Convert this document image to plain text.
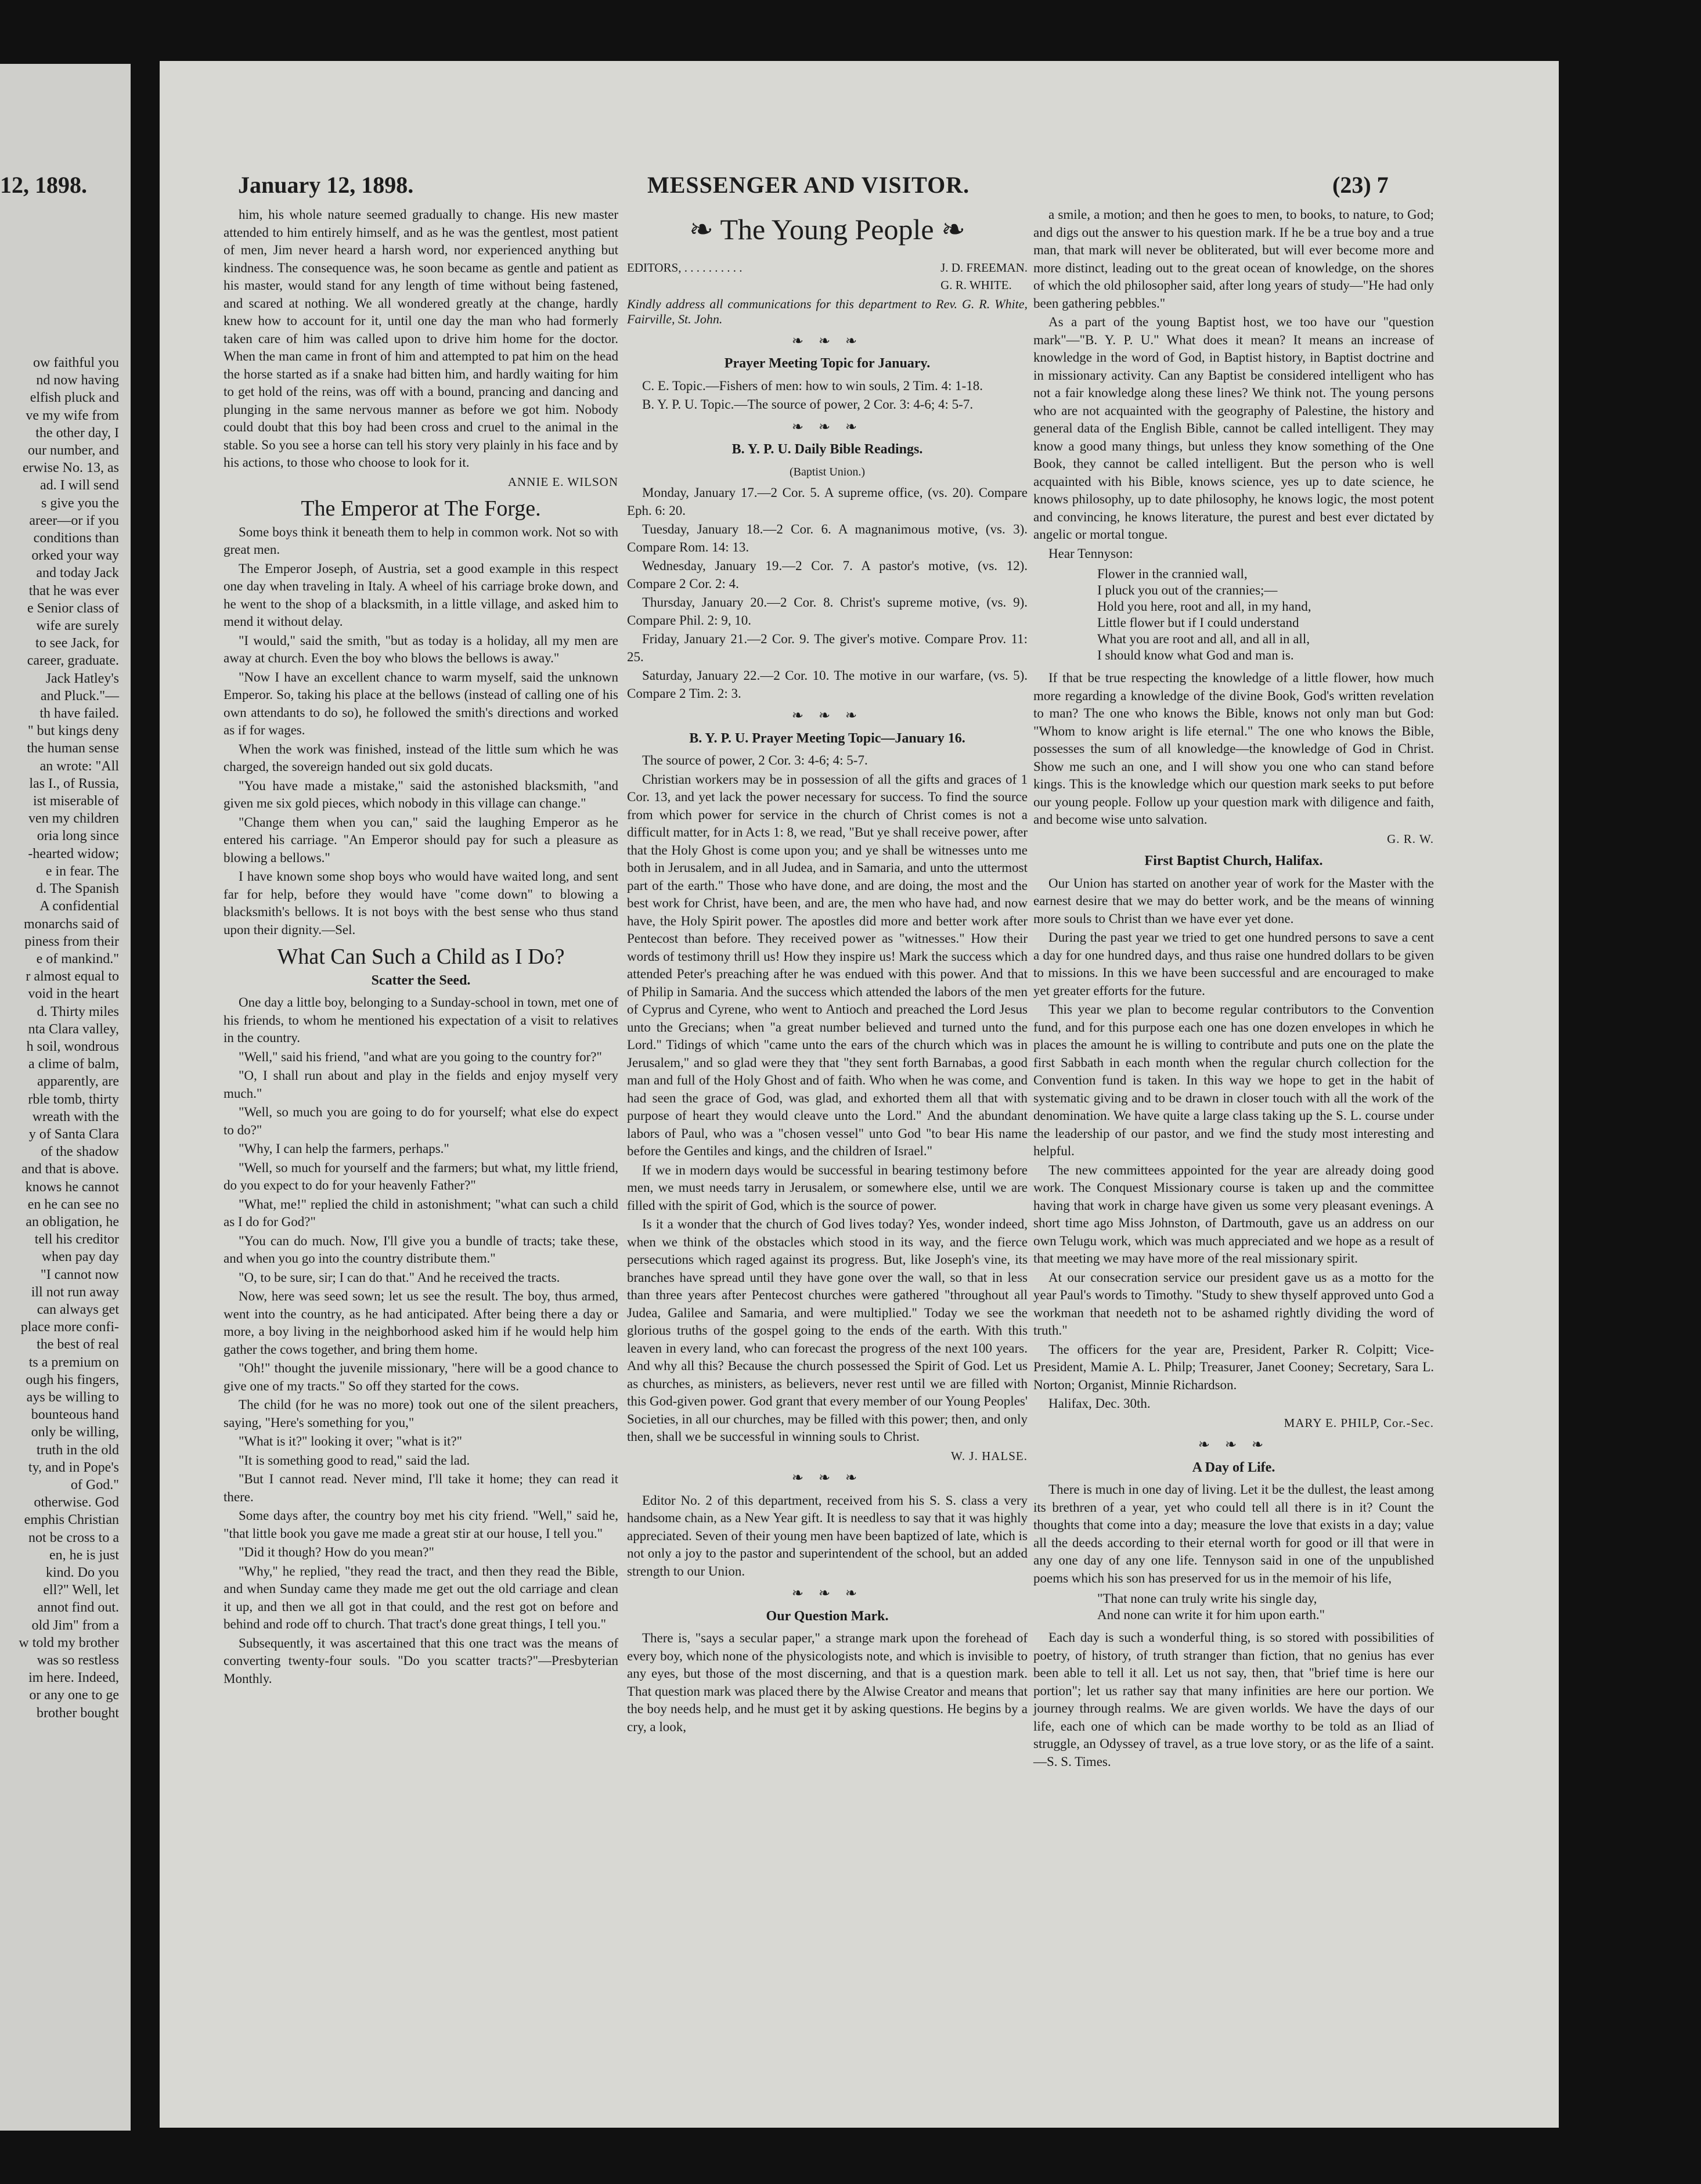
12, 1898.
ow faithful you
nd now having
elfish pluck and
ve my wife from
the other day, I
our number, and
erwise No. 13, as
ad. I will send
s give you the
areer—or if you
conditions than
orked your way
and today Jack
that he was ever
e Senior class of
wife are surely
to see Jack, for
career, graduate.
Jack Hatley's
and Pluck."—
th have failed.
" but kings deny
the human sense
an wrote: "All
las I., of Russia,
ist miserable of
ven my children
oria long since
-hearted widow;
e in fear. The
d. The Spanish
A confidential
monarchs said of
piness from their
e of mankind."
r almost equal to
void in the heart
d. Thirty miles
nta Clara valley,
h soil, wondrous
a clime of balm,
apparently, are
rble tomb, thirty
wreath with the
y of Santa Clara
of the shadow
and that is above.
knows he cannot
en he can see no
an obligation, he
tell his creditor
when pay day
"I cannot now
ill not run away
can always get
place more confi-
the best of real
ts a premium on
ough his fingers,
ays be willing to
bounteous hand
only be willing,
truth in the old
ty, and in Pope's
of God."
otherwise. God
emphis Christian
not be cross to a
en, he is just
kind. Do you
ell?" Well, let
annot find out.
old Jim" from a
w told my brother
was so restless
im here. Indeed,
or any one to ge
brother bought
January 12, 1898.	MESSENGER AND VISITOR.	(23) 7

him, his whole nature seemed gradually to change. His new master attended to him entirely himself, and as he was the gentlest, most patient of men, Jim never heard a harsh word, nor experienced anything but kindness. The consequence was, he soon became as gentle and patient as his master, would stand for any length of time without being fastened, and scared at nothing. We all wondered greatly at the change, hardly knew how to account for it, until one day the man who had formerly taken care of him was called upon to drive him home for the doctor. When the man came in front of him and attempted to pat him on the head the horse started as if a snake had bitten him, and hardly waiting for him to get hold of the reins, was off with a bound, prancing and dancing and plunging in the same nervous manner as before we got him. Nobody could doubt that this boy had been cross and cruel to the animal in the stable. So you see a horse can tell his story very plainly in his face and by his actions, to those who choose to look for it.

ANNIE E. WILSON
The Emperor at The Forge.

Some boys think it beneath them to help in common work. Not so with great men.

The Emperor Joseph, of Austria, set a good example in this respect one day when traveling in Italy. A wheel of his carriage broke down, and he went to the shop of a blacksmith, in a little village, and asked him to mend it without delay.

"I would," said the smith, "but as today is a holiday, all my men are away at church. Even the boy who blows the bellows is away."

"Now I have an excellent chance to warm myself, said the unknown Emperor. So, taking his place at the bellows (instead of calling one of his own attendants to do so), he followed the smith's directions and worked as if for wages.

When the work was finished, instead of the little sum which he was charged, the sovereign handed out six gold ducats.

"You have made a mistake," said the astonished blacksmith, "and given me six gold pieces, which nobody in this village can change."

"Change them when you can," said the laughing Emperor as he entered his carriage. "An Emperor should pay for such a pleasure as blowing a bellows."

I have known some shop boys who would have waited long, and sent far for help, before they would have "come down" to blowing a blacksmith's bellows. It is not boys with the best sense who thus stand upon their dignity.—Sel.

What Can Such a Child as I Do?
Scatter the Seed.

One day a little boy, belonging to a Sunday-school in town, met one of his friends, to whom he mentioned his expectation of a visit to relatives in the country.

"Well," said his friend, "and what are you going to the country for?"

"O, I shall run about and play in the fields and enjoy myself very much."

"Well, so much you are going to do for yourself; what else do expect to do?"

"Why, I can help the farmers, perhaps."

"Well, so much for yourself and the farmers; but what, my little friend, do you expect to do for your heavenly Father?"

"What, me!" replied the child in astonishment; "what can such a child as I do for God?"

"You can do much. Now, I'll give you a bundle of tracts; take these, and when you go into the country distribute them."

"O, to be sure, sir; I can do that." And he received the tracts.

Now, here was seed sown; let us see the result. The boy, thus armed, went into the country, as he had anticipated. After being there a day or more, a boy living in the neighborhood asked him if he would help him gather the cows together, and bring them home.

"Oh!" thought the juvenile missionary, "here will be a good chance to give one of my tracts." So off they started for the cows.

The child (for he was no more) took out one of the silent preachers, saying, "Here's something for you,"

"What is it?" looking it over; "what is it?"

"It is something good to read," said the lad.

"But I cannot read. Never mind, I'll take it home; they can read it there.

Some days after, the country boy met his city friend. "Well," said he, "that little book you gave me made a great stir at our house, I tell you."

"Did it though? How do you mean?"

"Why," he replied, "they read the tract, and then they read the Bible, and when Sunday came they made me get out the old carriage and clean it up, and then we all got in that could, and the rest got on before and behind and rode off to church. That tract's done great things, I tell you."

Subsequently, it was ascertained that this one tract was the means of converting twenty-four souls. "Do you scatter tracts?"—Presbyterian Monthly.

❧ The Young People ❧
EDITORS, . . . . . . . . . .	J. D. FREEMAN.
G. R. WHITE.
Kindly address all communications for this department to Rev. G. R. White, Fairville, St. John.
❧ ❧ ❧
Prayer Meeting Topic for January.

C. E. Topic.—Fishers of men: how to win souls, 2 Tim. 4: 1-18.

B. Y. P. U. Topic.—The source of power, 2 Cor. 3: 4-6; 4: 5-7.

❧ ❧ ❧
B. Y. P. U. Daily Bible Readings.
(Baptist Union.)

Monday, January 17.—2 Cor. 5. A supreme office, (vs. 20). Compare Eph. 6: 20.

Tuesday, January 18.—2 Cor. 6. A magnanimous motive, (vs. 3). Compare Rom. 14: 13.

Wednesday, January 19.—2 Cor. 7. A pastor's motive, (vs. 12). Compare 2 Cor. 2: 4.

Thursday, January 20.—2 Cor. 8. Christ's supreme motive, (vs. 9). Compare Phil. 2: 9, 10.

Friday, January 21.—2 Cor. 9. The giver's motive. Compare Prov. 11: 25.

Saturday, January 22.—2 Cor. 10. The motive in our warfare, (vs. 5). Compare 2 Tim. 2: 3.

❧ ❧ ❧
B. Y. P. U. Prayer Meeting Topic—January 16.

The source of power, 2 Cor. 3: 4-6; 4: 5-7.

Christian workers may be in possession of all the gifts and graces of 1 Cor. 13, and yet lack the power necessary for success. To find the source from which power for service in the church of Christ comes is not a difficult matter, for in Acts 1: 8, we read, "But ye shall receive power, after that the Holy Ghost is come upon you; and ye shall be witnesses unto me both in Jerusalem, and in all Judea, and in Samaria, and unto the uttermost part of the earth." Those who have done, and are doing, the most and the best work for Christ, have been, and are, the men who have had, and now have, the Holy Spirit power. The apostles did more and better work after Pentecost than before. They received power as "witnesses." How their words of testimony thrill us! How they inspire us! Mark the success which attended Peter's preaching after he was endued with this power. And that of Philip in Samaria. And the success which attended the labors of the men of Cyprus and Cyrene, who went to Antioch and preached the Lord Jesus unto the Grecians; when "a great number believed and turned unto the Lord." Tidings of which "came unto the ears of the church which was in Jerusalem," and so glad were they that "they sent forth Barnabas, a good man and full of the Holy Ghost and of faith. Who when he was come, and had seen the grace of God, was glad, and exhorted them all that with purpose of heart they would cleave unto the Lord." And the abundant labors of Paul, who was a "chosen vessel" unto God "to bear His name before the Gentiles and kings, and the children of Israel."

If we in modern days would be successful in bearing testimony before men, we must needs tarry in Jerusalem, or somewhere else, until we are filled with the spirit of God, which is the source of power.

Is it a wonder that the church of God lives today? Yes, wonder indeed, when we think of the obstacles which stood in its way, and the fierce persecutions which raged against its progress. But, like Joseph's vine, its branches have spread until they have gone over the wall, so that in less than three years after Pentecost churches were gathered "throughout all Judea, Galilee and Samaria, and were multiplied." Today we see the glorious truths of the gospel going to the ends of the earth. With this leaven in every land, who can forecast the progress of the next 100 years. And why all this? Because the church possessed the Spirit of God. Let us as churches, as ministers, as believers, never rest until we are filled with this God-given power. God grant that every member of our Young Peoples' Societies, in all our churches, may be filled with this power; then, and only then, shall we be successful in winning souls to Christ.

W. J. HALSE.
❧ ❧ ❧

Editor No. 2 of this department, received from his S. S. class a very handsome chain, as a New Year gift. It is needless to say that it was highly appreciated. Seven of their young men have been baptized of late, which is not only a joy to the pastor and superintendent of the school, but an added strength to our Union.

❧ ❧ ❧
Our Question Mark.

There is, "says a secular paper," a strange mark upon the forehead of every boy, which none of the physicologists note, and which is invisible to any eyes, but those of the most discerning, and that is a question mark. That question mark was placed there by the Alwise Creator and means that the boy needs help, and he must get it by asking questions. He begins by a cry, a look,

a smile, a motion; and then he goes to men, to books, to nature, to God; and digs out the answer to his question mark. If he be a true boy and a true man, that mark will never be obliterated, but will ever become more and more distinct, leading out to the great ocean of knowledge, on the shores of which the old philosopher said, after long years of study—"He had only been gathering pebbles."

As a part of the young Baptist host, we too have our "question mark"—"B. Y. P. U." What does it mean? It means an increase of knowledge in the word of God, in Baptist history, in Baptist doctrine and in missionary activity. Can any Baptist be considered intelligent who has not a fair knowledge along these lines? We think not. The young persons who are not acquainted with the geography of Palestine, the history and general data of the English Bible, cannot be called intelligent. They may know a good many things, but unless they know something of the One Book, they cannot be called intelligent. But the person who is well acquainted with his Bible, knows science, yes up to date science, he knows philosophy, up to date philosophy, he knows logic, the most potent and convincing, he knows literature, the purest and best ever dictated by angelic or mortal tongue.

Hear Tennyson:

Flower in the crannied wall,
I pluck you out of the crannies;—
Hold you here, root and all, in my hand,
Little flower but if I could understand
What you are root and all, and all in all,
I should know what God and man is.

If that be true respecting the knowledge of a little flower, how much more regarding a knowledge of the divine Book, God's written revelation to man? The one who knows the Bible, knows not only man but God: "Whom to know aright is life eternal." The one who knows the Bible, possesses the sum of all knowledge—the knowledge of God in Christ. Show me such an one, and I will show you one who can stand before kings. This is the knowledge which our question mark seeks to put before our young people. Follow up your question mark with diligence and faith, and become wise unto salvation.

G. R. W.
First Baptist Church, Halifax.

Our Union has started on another year of work for the Master with the earnest desire that we may do better work, and be the means of winning more souls to Christ than we have ever yet done.

During the past year we tried to get one hundred persons to save a cent a day for one hundred days, and thus raise one hundred dollars to be given to missions. In this we have been successful and are encouraged to make yet greater efforts for the future.

This year we plan to become regular contributors to the Convention fund, and for this purpose each one has one dozen envelopes in which he places the amount he is willing to contribute and puts one on the plate the first Sabbath in each month when the regular church collection for the Convention fund is taken. In this way we hope to get in the habit of systematic giving and to be drawn in closer touch with all the work of the denomination. We have quite a large class taking up the S. L. course under the leadership of our pastor, and we find the study most interesting and helpful.

The new committees appointed for the year are already doing good work. The Conquest Missionary course is taken up and the committee having that work in charge have given us some very pleasant evenings. A short time ago Miss Johnston, of Dartmouth, gave us an address on our own Telugu work, which was much appreciated and we hope as a result of that meeting we may have more of the real missionary spirit.

At our consecration service our president gave us as a motto for the year Paul's words to Timothy. "Study to shew thyself approved unto God a workman that needeth not to be ashamed rightly dividing the word of truth."

The officers for the year are, President, Parker R. Colpitt; Vice-President, Mamie A. L. Philp; Treasurer, Janet Cooney; Secretary, Sara L. Norton; Organist, Minnie Richardson.

Halifax, Dec. 30th.

MARY E. PHILP, Cor.-Sec.
❧ ❧ ❧
A Day of Life.

There is much in one day of living. Let it be the dullest, the least among its brethren of a year, yet who could tell all there is in it? Count the thoughts that come into a day; measure the love that exists in a day; value all the deeds according to their eternal worth for good or ill that were in any one day of any one life. Tennyson said in one of the unpublished poems which his son has preserved for us in the memoir of his life,

"That none can truly write his single day,
And none can write it for him upon earth."

Each day is such a wonderful thing, is so stored with possibilities of poetry, of history, of truth stranger than fiction, that no genius has ever been able to tell it all. Let us not say, then, that "brief time is here our portion"; let us rather say that many infinities are here our portion. We journey through realms. We are given worlds. We have the days of our life, each one of which can be made worthy to be told as an Iliad of struggle, an Odyssey of travel, as a true love story, or as the life of a saint.—S. S. Times.
